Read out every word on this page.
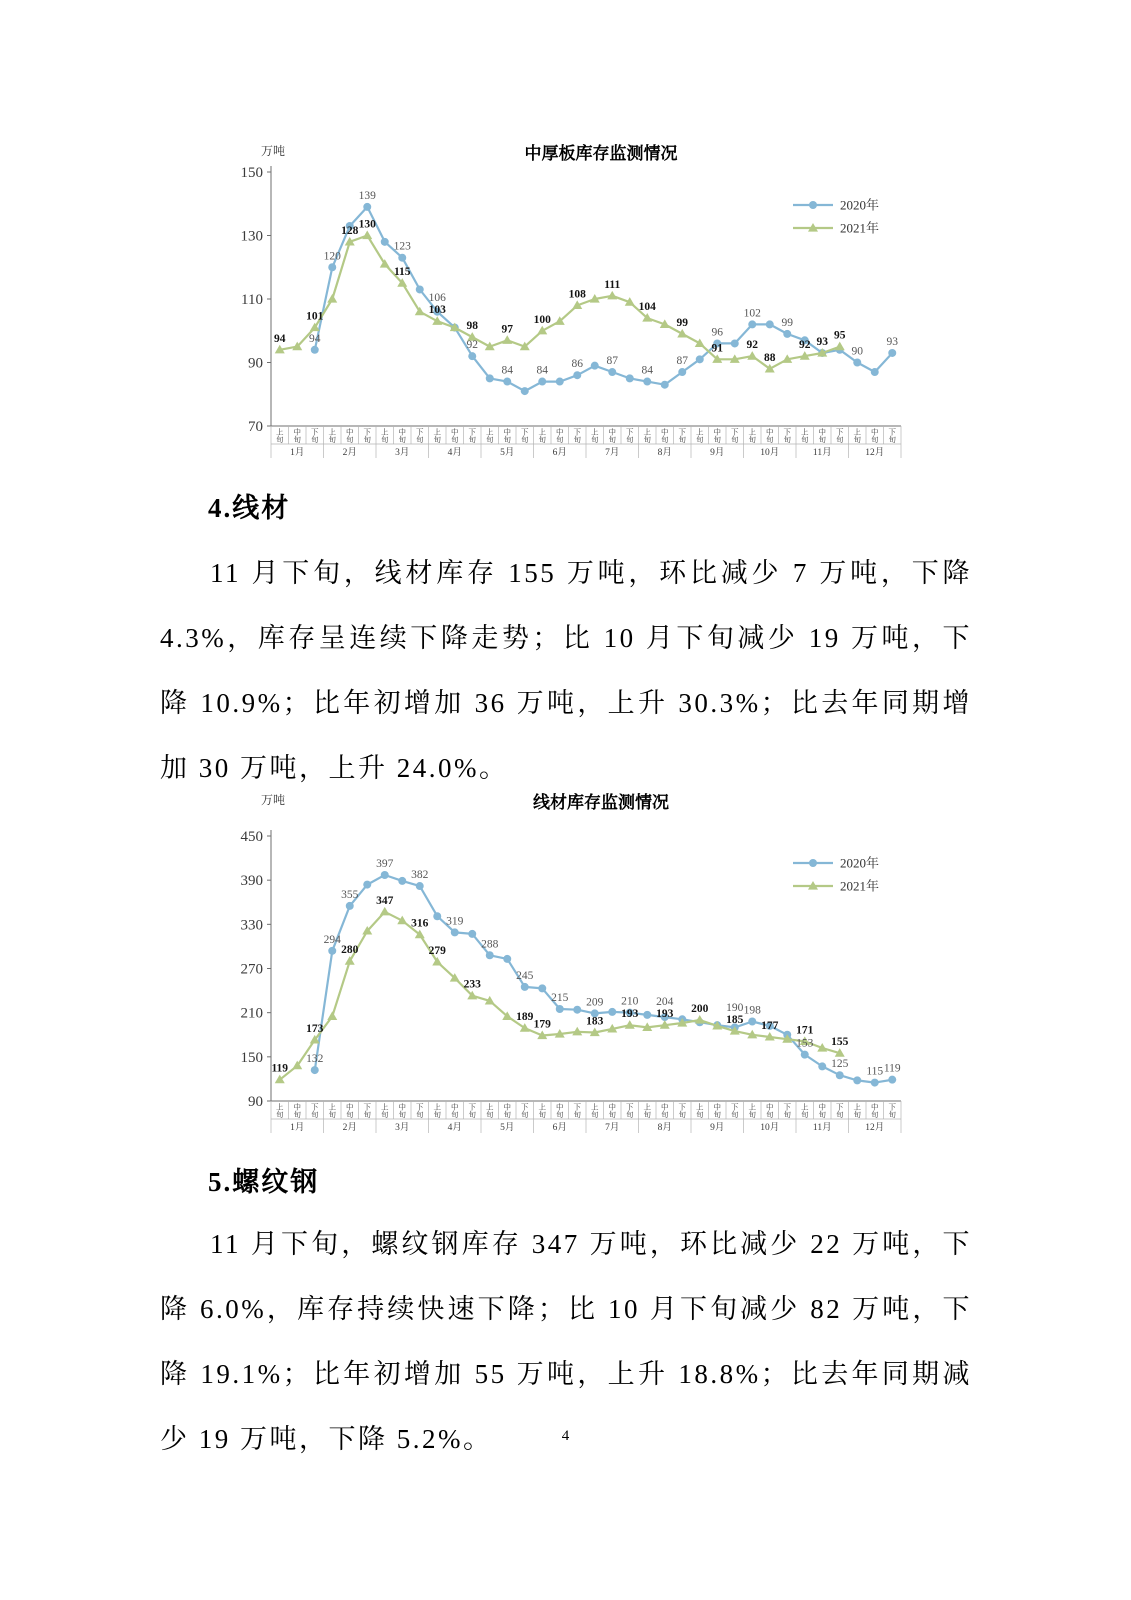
中厚板库存监测情况
万吨
150
130
110
90
70 上旬
中旬
下旬
上旬
中旬
下旬
上旬
中旬
下旬
上旬
中旬
下旬
上旬
中旬
下旬
上旬
中旬
下旬
上旬
中旬
下旬
上旬
中旬
下旬
上旬
中旬
下旬
上旬
中旬
下旬
上旬
中旬
下旬
上旬
中旬
下旬
1月	2月	3月	4月	5月	6月	7月	8月	9月	10月	11月	12月
2020年
2021年
94
120
139
123
106
92
84 84
86 87
84
87
96
102
99
90
93
94
101
128
130
115
103
98 97
100
108
111
104
99
91 92
88
92 93
95
4.线材

11 月下旬，线材库存 155 万吨，环比减少 7 万吨，下降 4.3%，库存呈连续下降走势；比 10 月下旬减少 19 万吨，下降 10.9%；比年初增加 36 万吨，上升 30.3%；比去年同期增加 30 万吨，上升 24.0%。

线材库存监测情况
万吨
450
390
330
270
210
150
90 上旬
中旬
下旬
上旬
中旬
下旬
上旬
中旬
下旬
上旬
中旬
下旬
上旬
中旬
下旬
上旬
中旬
下旬
上旬
中旬
下旬
上旬
中旬
下旬
上旬
中旬
下旬
上旬
中旬
下旬
上旬
中旬
下旬
上旬
中旬
下旬
1月	2月	3月	4月	5月	6月	7月	8月	9月	10月	11月	12月
2020年
2021年
132
294
355
397
382
319
288
245
215 209 210 204	190 198
153
125
115 119
119
173
280
347
316
279
233
189
179	183
193 193 200
185 177 171
155
5.螺纹钢

11 月下旬，螺纹钢库存 347 万吨，环比减少 22 万吨，下降 6.0%，库存持续快速下降；比 10 月下旬减少 82 万吨，下降 19.1%；比年初增加 55 万吨，上升 18.8%；比去年同期减少 19 万吨，下降 5.2%。	4
